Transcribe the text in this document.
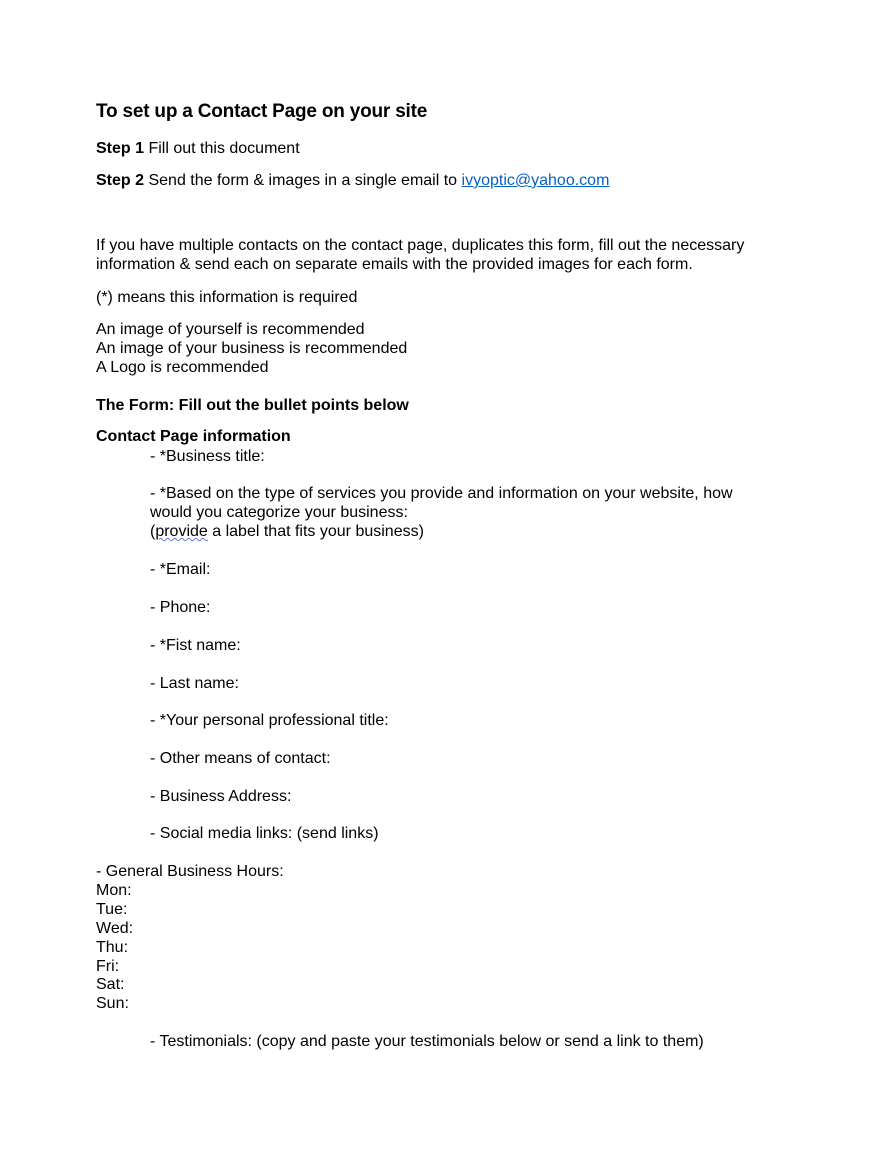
To set up a Contact Page on your site
Step 1 Fill out this document
Step 2 Send the form & images in a single email to ivyoptic@yahoo.com
If you have multiple contacts on the contact page, duplicates this form, fill out the necessary
information & send each on separate emails with the provided images for each form.
(*) means this information is required
An image of yourself is recommended
An image of your business is recommended
A Logo is recommended
The Form: Fill out the bullet points below
Contact Page information
- *Business title:
- *Based on the type of services you provide and information on your website, how
would you categorize your business:
(provide a label that fits your business)
- *Email:
- Phone:
- *Fist name:
- Last name:
- *Your personal professional title:
- Other means of contact:
- Business Address:
- Social media links: (send links)
- General Business Hours:
Mon:
Tue:
Wed:
Thu:
Fri:
Sat:
Sun:
- Testimonials: (copy and paste your testimonials below or send a link to them)
